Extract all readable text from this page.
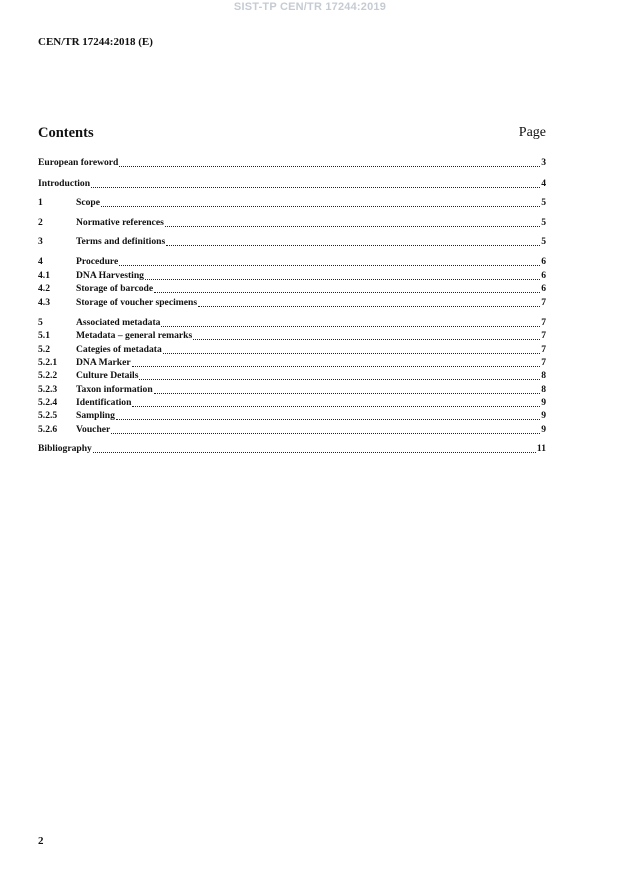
SIST-TP CEN/TR 17244:2019
CEN/TR 17244:2018 (E)
Contents	Page
European foreword	3
Introduction	4
1	Scope	5
2	Normative references	5
3	Terms and definitions	5
4	Procedure	6
4.1	DNA Harvesting	6
4.2	Storage of barcode	6
4.3	Storage of voucher specimens	7
5	Associated metadata	7
5.1	Metadata – general remarks	7
5.2	Categies of metadata	7
5.2.1	DNA Marker	7
5.2.2	Culture Details	8
5.2.3	Taxon information	8
5.2.4	Identification	9
5.2.5	Sampling	9
5.2.6	Voucher	9
Bibliography	11
2
